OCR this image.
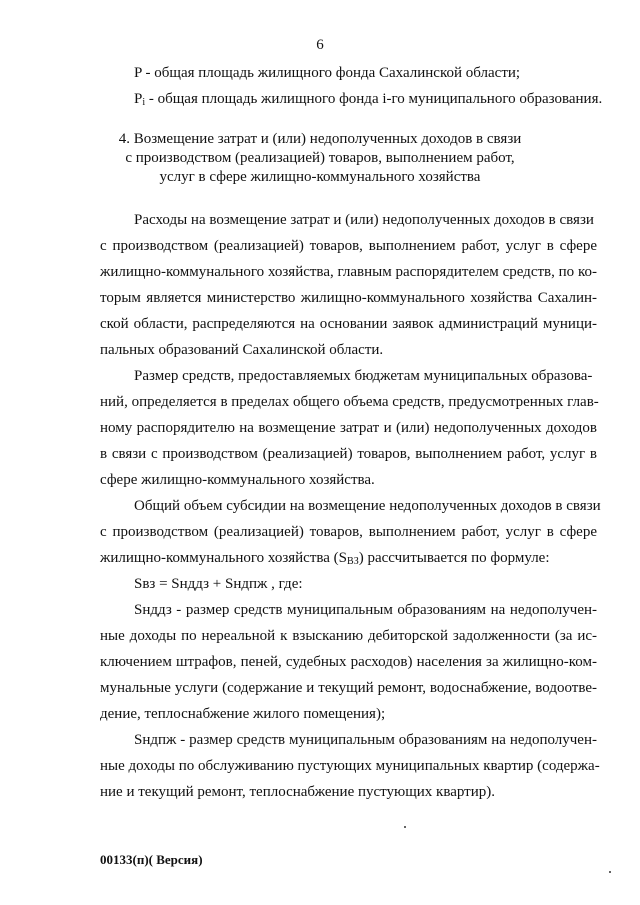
6
P - общая площадь жилищного фонда Сахалинской области;
$P_i$ - общая площадь жилищного фонда i-го муниципального образования.
4. Возмещение затрат и (или) недополученных доходов в связи
с производством (реализацией) товаров, выполнением работ,
услуг в сфере жилищно-коммунального хозяйства
Расходы на возмещение затрат и (или) недополученных доходов в связи
с производством (реализацией) товаров, выполнением работ, услуг в сфере
жилищно-коммунального хозяйства, главным распорядителем средств, по ко-
торым является министерство жилищно-коммунального хозяйства Сахалин-
ской области, распределяются на основании заявок администраций муници-
пальных образований Сахалинской области.
Размер средств, предоставляемых бюджетам муниципальных образова-
ний, определяется в пределах общего объема средств, предусмотренных глав-
ному распорядителю на возмещение затрат и (или) недополученных доходов
в связи с производством (реализацией) товаров, выполнением работ, услуг в
сфере жилищно-коммунального хозяйства.
Общий объем субсидии на возмещение недополученных доходов в связи
с производством (реализацией) товаров, выполнением работ, услуг в сфере
жилищно-коммунального хозяйства $(S_{ВЗ})$ рассчитывается по формуле:
Sвз = Sнддз + Sндпж , где:
Sнддз - размер средств муниципальным образованиям на недополучен-
ные доходы по нереальной к взысканию дебиторской задолженности (за ис-
ключением штрафов, пеней, судебных расходов) населения за жилищно-ком-
мунальные услуги (содержание и текущий ремонт, водоснабжение, водоотве-
дение, теплоснабжение жилого помещения);
Sндпж - размер средств муниципальным образованиям на недополучен-
ные доходы по обслуживанию пустующих муниципальных квартир (содержа-
ние и текущий ремонт, теплоснабжение пустующих квартир).
00133(п)( Версия)
